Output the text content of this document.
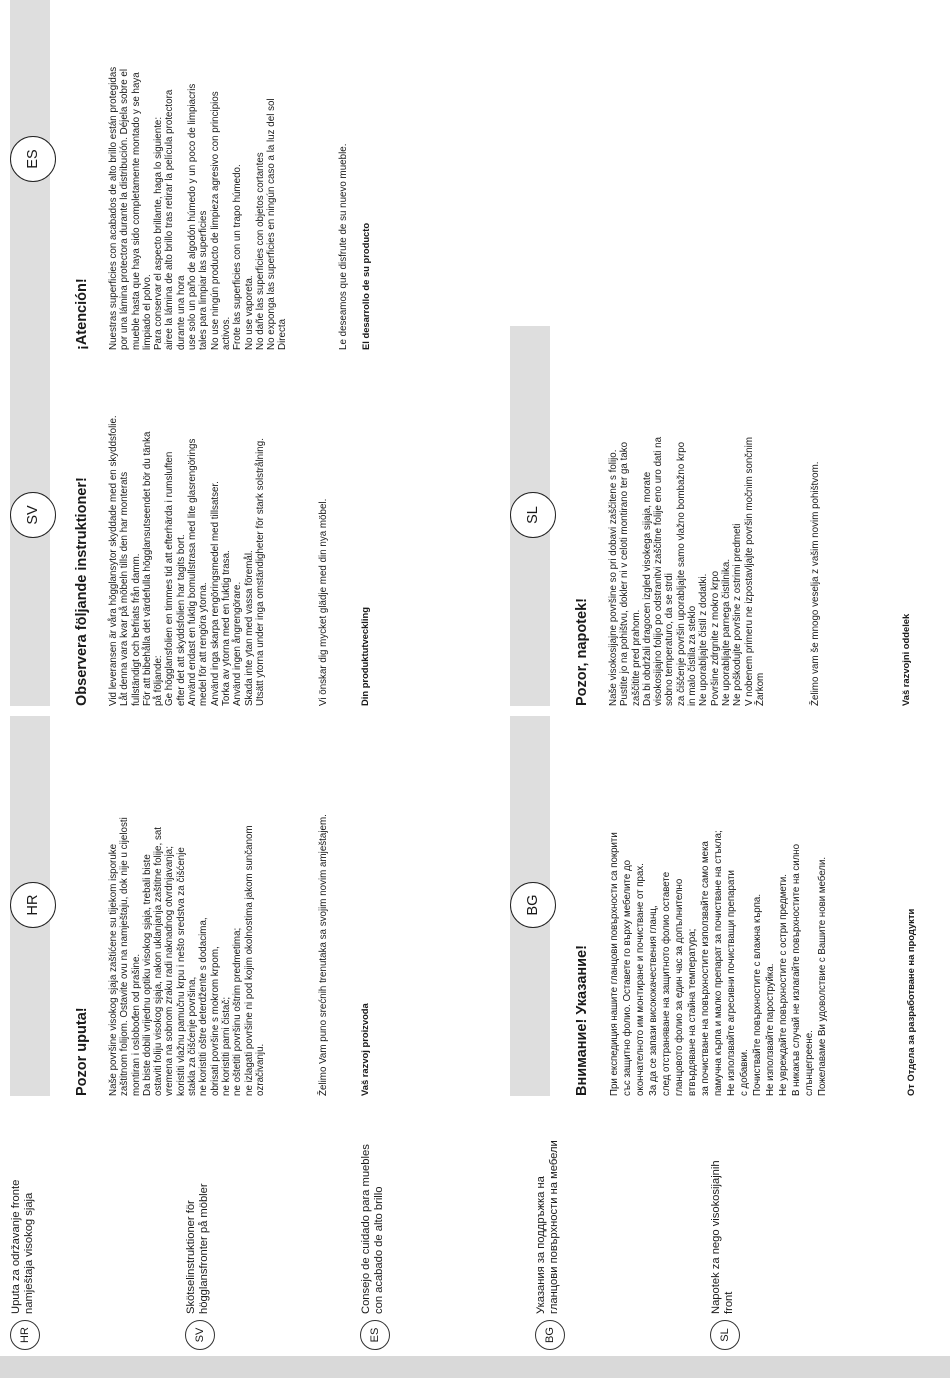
HR
Uputa za održavanje fronte namještaja visokog sjaja
SV
Skötselinstruktioner för högglansfronter på möbler
ES
Consejo de cuidado para muebles con acabado de alto brillo
BG
Указания за поддръжка на гланцови повърхности на мебели
SL
Napotek za nego visokosijajnih front
HR
Pozor uputa! Naše površine visokog sjaja zaštićene su tijekom isporuke zaštitnom folijom. Ostavite ovu na namještaju, dok nije u cijelosti montiran i oslobođen od prašine. Da biste dobili vrijednu optiku visokog sjaja, trebali biste ostaviti foliju visokog sjaja, nakon uklanjanja zaštitne folije, sat vremena na sobnom zraku radi naknadnog otvrdnjavanja; koristiti vlažnu pamučnu krpu i nešto sredstva za čišćenje stakla za čišćenje površina, ne koristiti oštre deterdžente s dodacima, obrisati površine s mokrom krpom, ne koristiti parni čistač; ne oštetiti površinu oštrim predmetima; ne izlagati površine ni pod kojim okolnostima jakom sunčanom ozračivanju.	Želimo Vam puno srećnih trenutaka sa svojim novim amještajem.	Vaš razvoj proizvoda
SV	Observera följande instruktioner! Vid leveransen är våra högglansytor skyddade med en skyddsfolie. Låt denna vara kvar på möbeln tills den har monterats fullständigt och befriats från damm. För att bibehålla det värdefulla högglansutseendet bör du tänka på följande: Ge högglansfolien en timmes tid att efterhärda i rumsluften efter det att skyddsfolien har tagits bort. Använd endast en fuktig bomullstrasa med lite glasrengörings medel för att rengöra ytorna. Använd inga skarpa rengöringsmedel med tillsatser. Torka av ytorna med en fuktig trasa. Använd ingen ångrengörare. Skada inte ytan med vassa föremål. Utsätt ytorna under inga omständigheter för stark solstrålning.	Vi önskar dig mycket glädje med din nya möbel.	Din produktutveckling
ES
¡Atención! Nuestras superficies con acabados de alto brillo están protegidas por una lámina protectora durante la distribución. Déjela sobre el mueble hasta que haya sido completamente montado y se haya limpiado el polvo. Para conservar el aspecto brillante, haga lo siguiente: airee la lámina de alto brillo tras retirar la película protectora durante una hora use solo un paño de algodón húmedo y un poco de limpiacris tales para limpiar las superficies No use ningún producto de limpieza agresivo con principios activos. Frote las superficies con un trapo húmedo. No use vaporeta. No dañe las superficies con objetos cortantes No exponga las superficies en ningún caso a la luz del sol Directa	Le deseamos que disfrute de su nuevo mueble. El desarrollo de su producto
BG
Внимание! Указание! При експедиция нашите гланцови повърхности са покрити със защитно фолио. Оставете го върху мебелите до окончателното им монтиране и почистване от прах. За да се запази висококачествения гланц, след отстраняване на защитното фолио оставете гланцовото фолио за един час за допълнително втвърдяване на стайна температура; за почистване на повърхностите използвайте само мека памучна кърпа и малко препарат за почистване на стъкла; Не използвайте агресивни почистващи препарати с добавки. Почиствайте повърхностите с влажна кърпа. Не използвайте пароструйка. Не увреждайте повърхностите с остри предмети. В никакъв случай не излагайте повърхностите на силно слънцегреене. Пожелаваме Ви удоволствие с Вашите нови мебели.	От Отдела за разработване на продукти
SL
Pozor, napotek! Naše visokosijajne površine so pri dobavi zaščitene s folijo. Pustite jo na pohištvu, dokler ni v celoti montirano ter ga tako zaščitite pred prahom. Da bi obdržali dragocen izgled visokega sijaja, morate visokosijajno folijo po odstranitvi zaščitne folije eno uro dati na sobno temperaturo, da se strdi za čiščenje površin uporabljajte samo vlažno bombažno krpo in malo čistila za steklo Ne uporabljajte čistil z dodatki. Površine zdrgnite z mokro krpo Ne uporabljajte parnega čistilnika. Ne poškodujte površine z ostrimi predmeti V nobenem primeru ne izpostavljajte površin močnim sončnim Žarkom	Želimo vam še mnogo veselja z vašim novim pohištvom.	Vaš razvojni oddelek
